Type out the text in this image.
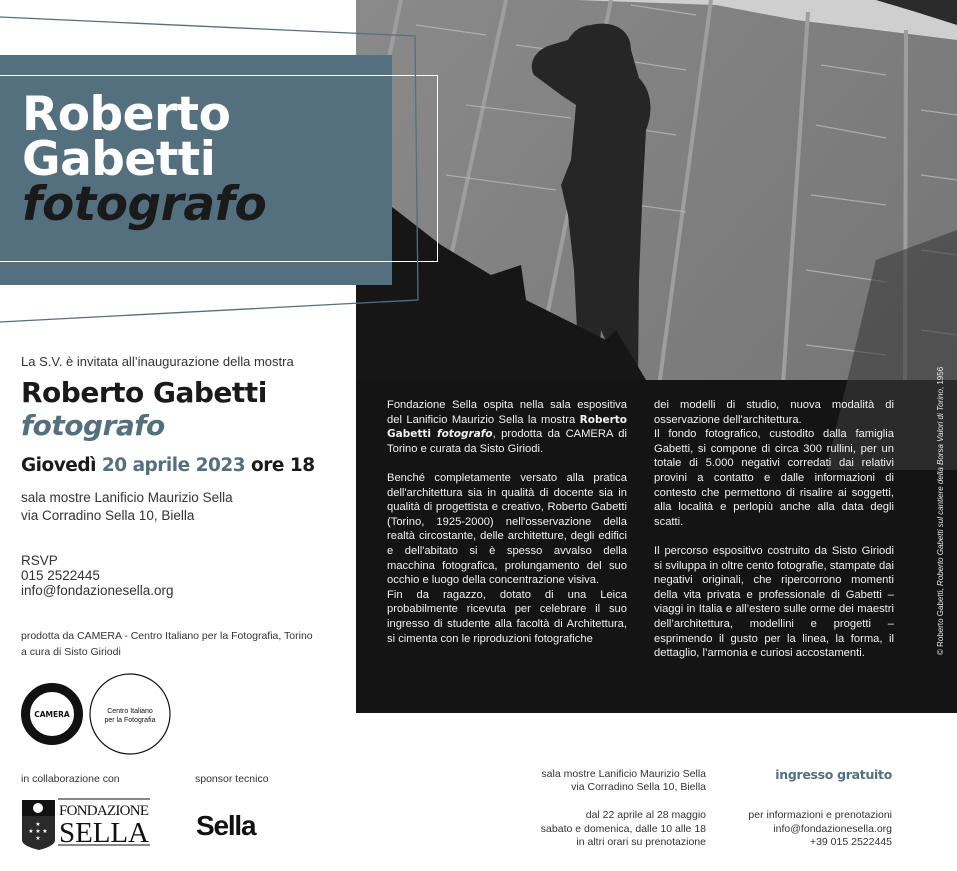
Roberto
Gabetti
fotografo
La S.V. è invitata all’inaugurazione della mostra
Roberto Gabetti
fotografo
Giovedì 20 aprile 2023 ore 18
sala mostre Lanificio Maurizio Sella
via Corradino Sella 10, Biella
RSVP
015 2522445
info@fondazionesella.org
prodotta da CAMERA - Centro Italiano per la Fotografia, Torino
a cura di Sisto Giriodi
CAMERA	Centro Italiano
per la Fotografia
in collaborazione con	sponsor tecnico
★
★ ★ ★
★
FONDAZIONE
SELLA Sella

Fondazione Sella ospita nella sala espositiva del Lanificio Maurizio Sella la mostra Roberto Gabetti fotografo, prodotta da CAMERA di Torino e curata da Sisto Giriodi.

Benché completamente versato alla pratica dell'architettura sia in qualità di docente sia in qualità di progettista e creativo, Roberto Gabetti (Torino, 1925-2000) nell'osservazione della realtà circostante, delle architetture, degli edifici e dell'abitato si è spesso avvalso della macchina fotografica, prolungamento del suo occhio e luogo della concentrazione visiva.

Fin da ragazzo, dotato di una Leica probabilmente ricevuta per celebrare il suo ingresso di studente alla facoltà di Architettura, si cimenta con le riproduzioni fotografiche

dei modelli di studio, nuova modalità di osservazione dell'architettura.

Il fondo fotografico, custodito dalla famiglia Gabetti, si compone di circa 300 rullini, per un totale di 5.000 negativi corredati dai relativi provini a contatto e dalle informazioni di contesto che permettono di risalire ai soggetti, alla località e perlopiù anche alla data degli scatti.

Il percorso espositivo costruito da Sisto Giriodi si sviluppa in oltre cento fotografie, stampate dai negativi originali, che ripercorrono momenti della vita privata e professionale di Gabetti – viaggi in Italia e all’estero sulle orme dei maestri dell’architettura, modellini e progetti – esprimendo il gusto per la linea, la forma, il dettaglio, l’armonia e curiosi accostamenti.	© Roberto Gabetti, Roberto Gabetti sul cantiere della Borsa Valori di Torino, 1956
sala mostre Lanificio Maurizio Sella
via Corradino Sella 10, Biella
dal 22 aprile al 28 maggio
sabato e domenica, dalle 10 alle 18
in altri orari su prenotazione
ingresso gratuito
per informazioni e prenotazioni
info@fondazionesella.org
+39 015 2522445
